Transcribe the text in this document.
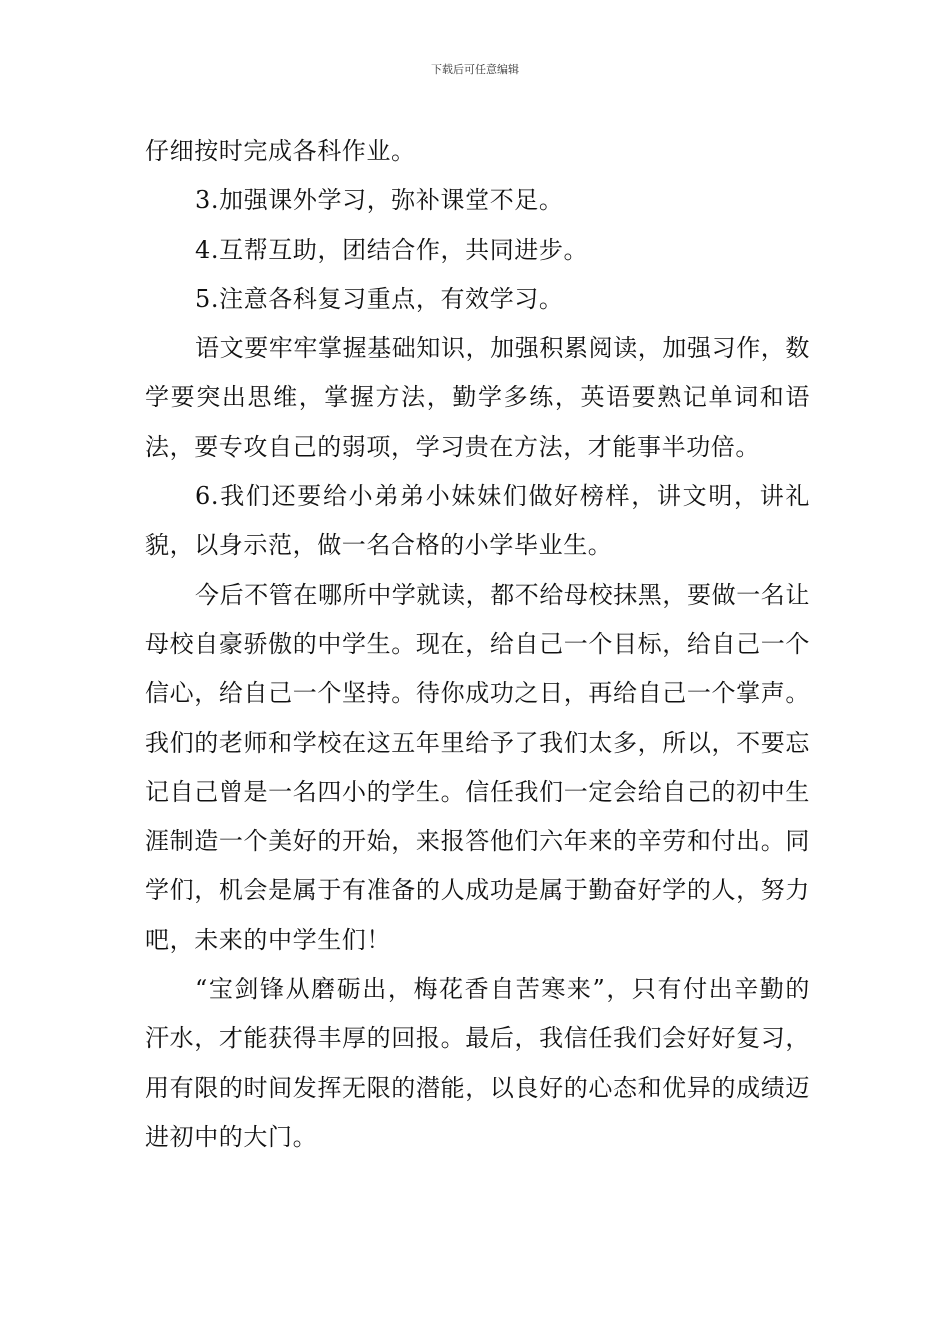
下载后可任意编辑

仔细按时完成各科作业。

3.加强课外学习，弥补课堂不足。

4.互帮互助，团结合作，共同进步。

5.注意各科复习重点，有效学习。

语文要牢牢掌握基础知识，加强积累阅读，加强习作，数学要突出思维，掌握方法，勤学多练，英语要熟记单词和语法，要专攻自己的弱项，学习贵在方法，才能事半功倍。

6.我们还要给小弟弟小妹妹们做好榜样，讲文明，讲礼貌，以身示范，做一名合格的小学毕业生。

今后不管在哪所中学就读，都不给母校抹黑，要做一名让母校自豪骄傲的中学生。现在，给自己一个目标，给自己一个信心，给自己一个坚持。待你成功之日，再给自己一个掌声。我们的老师和学校在这五年里给予了我们太多，所以，不要忘记自己曾是一名四小的学生。信任我们一定会给自己的初中生涯制造一个美好的开始，来报答他们六年来的辛劳和付出。同学们，机会是属于有准备的人成功是属于勤奋好学的人，努力吧，未来的中学生们！

“宝剑锋从磨砺出，梅花香自苦寒来”，只有付出辛勤的汗水，才能获得丰厚的回报。最后，我信任我们会好好复习，用有限的时间发挥无限的潜能，以良好的心态和优异的成绩迈进初中的大门。
